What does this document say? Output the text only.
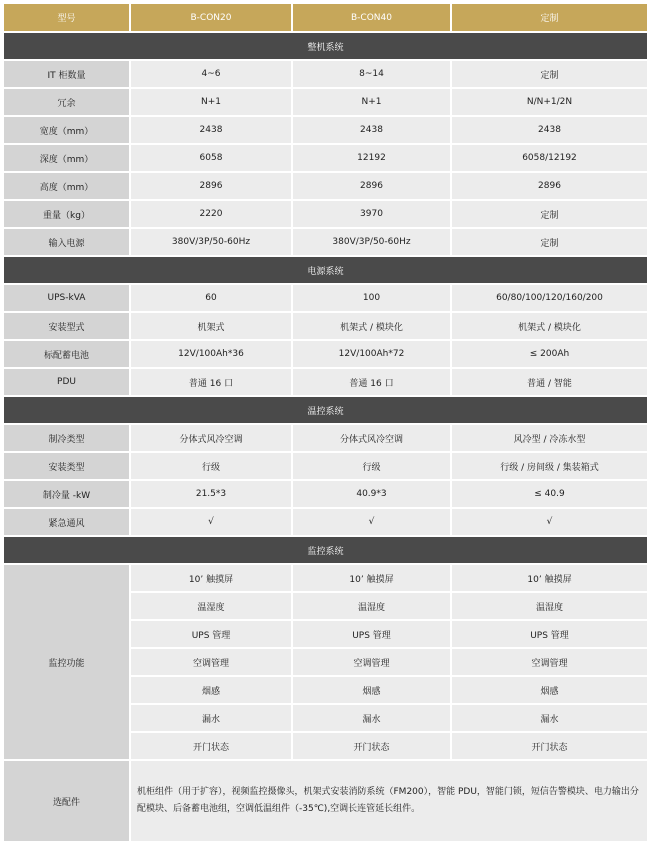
型号	B-CON20	B-CON40	定制
整机系统			
IT 柜数量	4~6	8~14	定制
冗余	N+1	N+1	N/N+1/2N
宽度（mm）	2438	2438	2438
深度（mm）	6058	12192	6058/12192
高度（mm）	2896	2896	2896
重量（kg）	2220	3970	定制
输入电源	380V/3P/50-60Hz	380V/3P/50-60Hz	定制
电源系统			
UPS-kVA	60	100	60/80/100/120/160/200
安装型式	机架式	机架式 / 模块化	机架式 / 模块化
标配蓄电池	12V/100Ah*36	12V/100Ah*72	≤ 200Ah
PDU	普通 16 口	普通 16 口	普通 / 智能
温控系统			
制冷类型	分体式风冷空调	分体式风冷空调	风冷型 / 冷冻水型
安装类型	行级	行级	行级 / 房间级 / 集装箱式
制冷量 -kW	21.5*3	40.9*3	≤ 40.9
紧急通风	√	√	√
监控系统			
监控功能	10’ 触摸屏	10’ 触摸屏	10’ 触摸屏
	温湿度	温湿度	温湿度
	UPS 管理	UPS 管理	UPS 管理
	空调管理	空调管理	空调管理
	烟感	烟感	烟感
	漏水	漏水	漏水
	开门状态	开门状态	开门状态
选配件	机柜组件（用于扩容），视频监控摄像头，机架式安装消防系统（FM200），智能 PDU，智能门锁，短信告警模块、电力输出分配模块、后备蓄电池组，空调低温组件（-35℃),空调长连管延长组件。		
